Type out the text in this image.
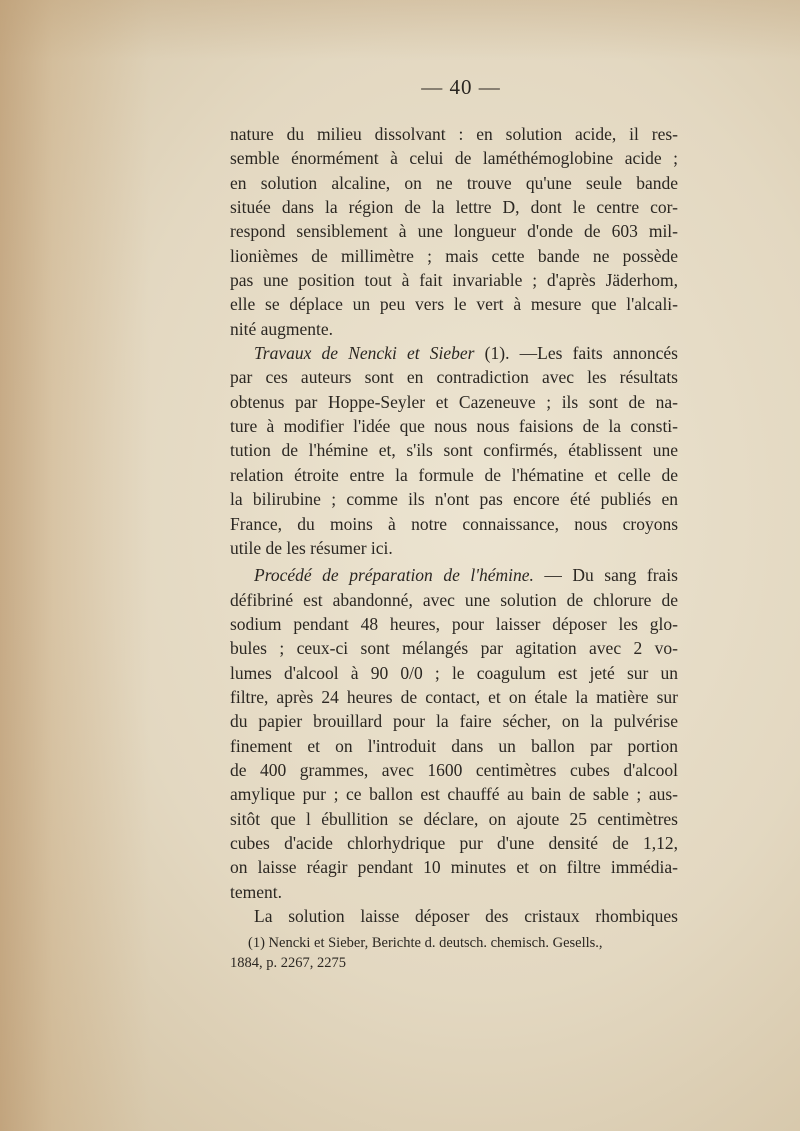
— 40 —
nature du milieu dissolvant : en solution acide, il res-
semble énormément à celui de laméthémoglobine acide ;
en solution alcaline, on ne trouve qu'une seule bande
située dans la région de la lettre D, dont le centre cor-
respond sensiblement à une longueur d'onde de 603 mil-
lionièmes de millimètre ; mais cette bande ne possède
pas une position tout à fait invariable ; d'après Jäderhom,
elle se déplace un peu vers le vert à mesure que l'alcali-
nité augmente.
Travaux de Nencki et Sieber (1). —Les faits annoncés
par ces auteurs sont en contradiction avec les résultats
obtenus par Hoppe-Seyler et Cazeneuve ; ils sont de na-
ture à modifier l'idée que nous nous faisions de la consti-
tution de l'hémine et, s'ils sont confirmés, établissent une
relation étroite entre la formule de l'hématine et celle de
la bilirubine ; comme ils n'ont pas encore été publiés en
France, du moins à notre connaissance, nous croyons
utile de les résumer ici.
Procédé de préparation de l'hémine. — Du sang frais
défibriné est abandonné, avec une solution de chlorure de
sodium pendant 48 heures, pour laisser déposer les glo-
bules ; ceux-ci sont mélangés par agitation avec 2 vo-
lumes d'alcool à 90 0/0 ; le coagulum est jeté sur un
filtre, après 24 heures de contact, et on étale la matière sur
du papier brouillard pour la faire sécher, on la pulvérise
finement et on l'introduit dans un ballon par portion
de 400 grammes, avec 1600 centimètres cubes d'alcool
amylique pur ; ce ballon est chauffé au bain de sable ; aus-
sitôt que l ébullition se déclare, on ajoute 25 centimètres
cubes d'acide chlorhydrique pur d'une densité de 1,12,
on laisse réagir pendant 10 minutes et on filtre immédia-
tement.
La solution laisse déposer des cristaux rhombiques
(1) Nencki et Sieber, Berichte d. deutsch. chemisch. Gesells.,
1884, p. 2267, 2275
